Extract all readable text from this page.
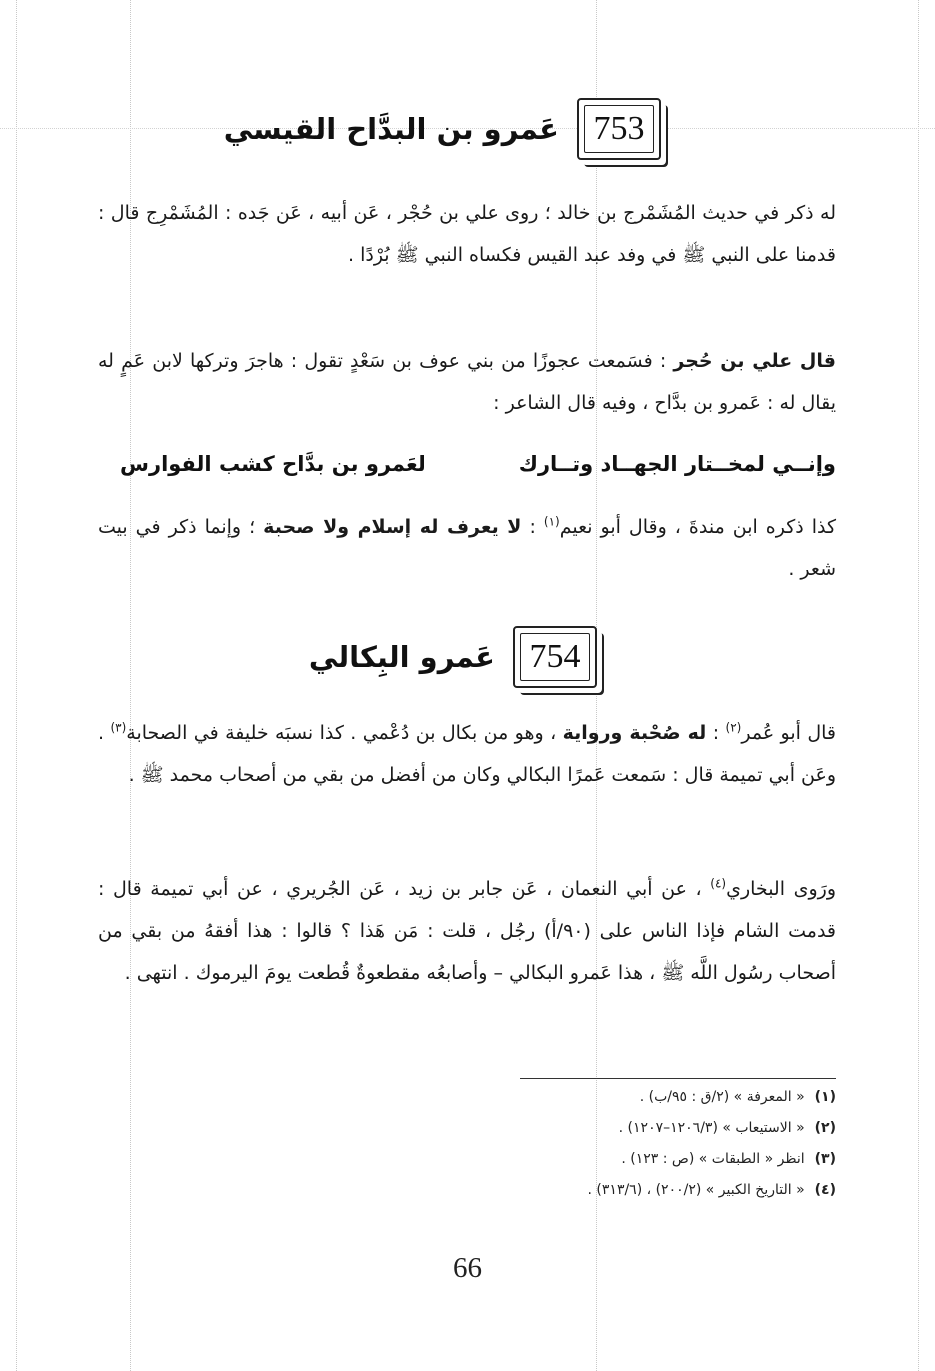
753
عَمرو بن البدَّاح القيسي
له ذكر في حديث المُشَمْرج بن خالد ؛ روى علي بن حُجْر ، عَن أبيه ، عَن جَده : المُشَمْرِج قال : قدمنا على النبي ﷺ في وفد عبد القيس فكساه النبي ﷺ بُرْدًا .
قال علي بن حُجر : فسَمعت عجوزًا من بني عوف بن سَعْدٍ تقول : هاجرَ وتركها لابن عَمٍ له يقال له : عَمرو بن بدَّاح ، وفيه قال الشاعر :
وإنــي لمخــتار الجهــاد وتــارك
لعَمرو بن بدَّاح كشب الفوارس
كذا ذكره ابن مندةَ ، وقال أبو نعيم$^{(١)}$ : لا يعرف له إسلام ولا صحبة ؛ وإنما ذكر في بيت شعر .
754
عَمرو البِكالي
قال أبو عُمر$^{(٢)}$ : له صُحْبة ورواية ، وهو من بكال بن دُعْمي . كذا نسبَه خليفة في الصحابة$^{(٣)}$ . وعَن أبي تميمة قال : سَمعت عَمرًا البكالي وكان من أفضل من بقي من أصحاب محمد ﷺ .
ورَوى البخاري$^{(٤)}$ ، عن أبي النعمان ، عَن جابر بن زيد ، عَن الجُريري ، عن أبي تميمة قال : قدمت الشام فإذا الناس على (٩٠/أ) رجُل ، قلت : مَن هَذا ؟ قالوا : هذا أفقهُ من بقي من أصحاب رسُول اللَّه ﷺ ، هذا عَمرو البكالي – وأصابعُه مقطعوةٌ قُطعت يومَ اليرموك . انتهى .
(١)« المعرفة » (٢/ق : ٩٥/ب) .
(٢)« الاستيعاب » (١٢٠٦/٣–١٢٠٧) .
(٣)انظر « الطبقات » (ص : ١٢٣) .
(٤)« التاريخ الكبير » (٢٠٠/٢) ، (٣١٣/٦) .
66
